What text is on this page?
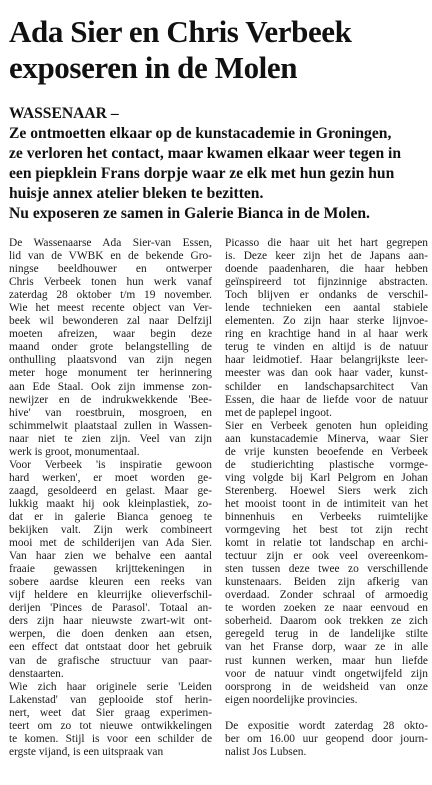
Ada Sier en Chris Verbeek
exposeren in de Molen
WASSENAAR –
Ze ontmoetten elkaar op de kunstacademie in Groningen,
ze verloren het contact, maar kwamen elkaar weer tegen in
een piepklein Frans dorpje waar ze elk met hun gezin hun
huisje annex atelier bleken te bezitten.
Nu exposeren ze samen in Galerie Bianca in de Molen.
De Wassenaarse Ada Sier-van Essen,
lid van de VWBK en de bekende Gro-
ningse beeldhouwer en ontwerper
Chris Verbeek tonen hun werk vanaf
zaterdag 28 oktober t/m 19 november.
Wie het meest recente object van Ver-
beek wil bewonderen zal naar Delfzijl
moeten afreizen, waar begin deze
maand onder grote belangstelling de
onthulling plaatsvond van zijn negen
meter hoge monument ter herinnering
aan Ede Staal. Ook zijn immense zon-
newijzer en de indrukwekkende 'Bee-
hive' van roestbruin, mosgroen, en
schimmelwit plaatstaal zullen in Wassen-
naar niet te zien zijn. Veel van zijn
werk is groot, monumentaal.
Voor Verbeek 'is inspiratie gewoon
hard werken', er moet worden ge-
zaagd, gesoldeerd en gelast. Maar ge-
lukkig maakt hij ook kleinplastiek, zo-
dat er in galerie Bianca genoeg te
bekijken valt. Zijn werk combineert
mooi met de schilderijen van Ada Sier.
Van haar zien we behalve een aantal
fraaie gewassen krijttekeningen in
sobere aardse kleuren een reeks van
vijf heldere en kleurrijke olieverfschil-
derijen 'Pinces de Parasol'. Totaal an-
ders zijn haar nieuwste zwart-wit ont-
werpen, die doen denken aan etsen,
een effect dat ontstaat door het gebruik
van de grafische structuur van paar-
denstaarten.
Wie zich haar originele serie 'Leiden
Lakenstad' van geplooide stof herin-
nert, weet dat Sier graag experimen-
teert om zo tot nieuwe ontwikkelingen
te komen. Stijl is voor een schilder de
ergste vijand, is een uitspraak van
Picasso die haar uit het hart gegrepen
is. Deze keer zijn het de Japans aan-
doende paadenharen, die haar hebben
geïnspireerd tot fijnzinnige abstracten.
Toch blijven er ondanks de verschil-
lende technieken een aantal stabiele
elementen. Zo zijn haar sterke lijnvoe-
ring en krachtige hand in al haar werk
terug te vinden en altijd is de natuur
haar leidmotief. Haar belangrijkste leer-
meester was dan ook haar vader, kunst-
schilder en landschapsarchitect Van
Essen, die haar de liefde voor de natuur
met de paplepel ingoot.
Sier en Verbeek genoten hun opleiding
aan kunstacademie Minerva, waar Sier
de vrije kunsten beoefende en Verbeek
de studierichting plastische vormge-
ving volgde bij Karl Pelgrom en Johan
Sterenberg. Hoewel Siers werk zich
het mooist toont in de intimiteit van het
binnenhuis en Verbeeks ruimtelijke
vormgeving het best tot zijn recht
komt in relatie tot landschap en archi-
tectuur zijn er ook veel overeenkom-
sten tussen deze twee zo verschillende
kunstenaars. Beiden zijn afkerig van
overdaad. Zonder schraal of armoedig
te worden zoeken ze naar eenvoud en
soberheid. Daarom ook trekken ze zich
geregeld terug in de landelijke stilte
van het Franse dorp, waar ze in alle
rust kunnen werken, maar hun liefde
voor de natuur vindt ongetwijfeld zijn
oorsprong in de weidsheid van onze
eigen noordelijke provincies.

De expositie wordt zaterdag 28 okto-
ber om 16.00 uur geopend door journ-
nalist Jos Lubsen.
